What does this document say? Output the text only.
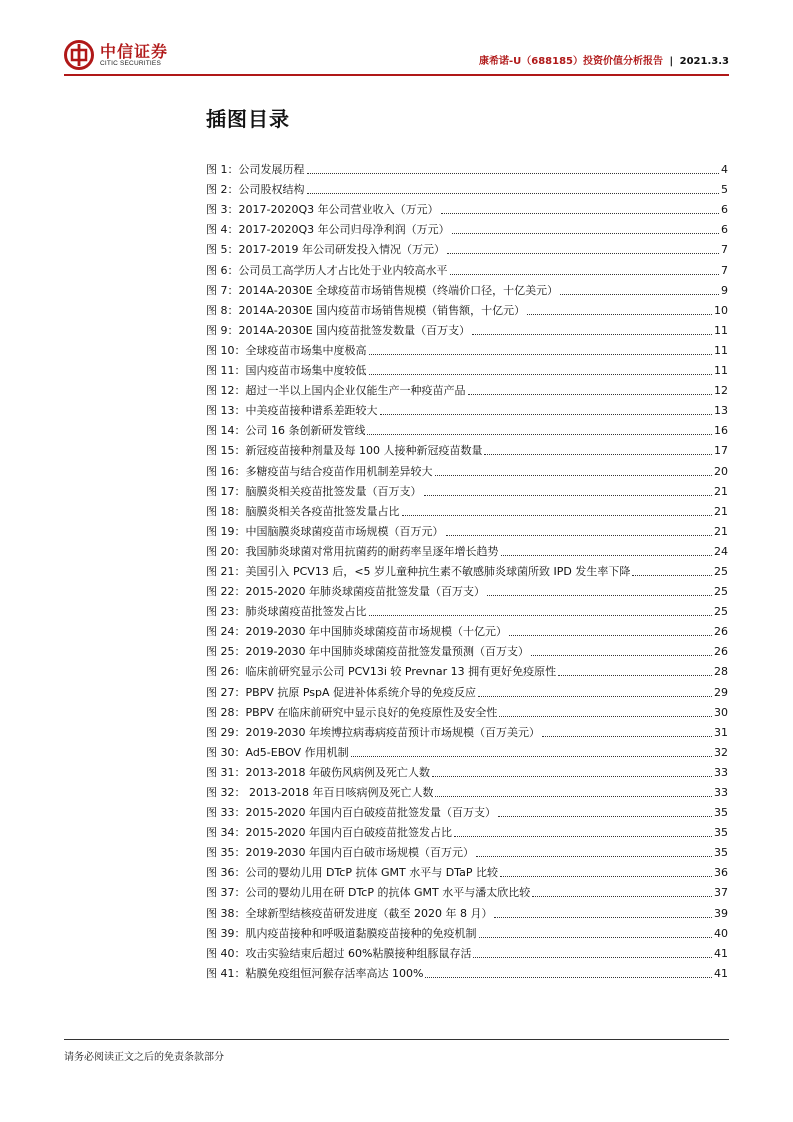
中信证券
CITIC SECURITIES	康希诺-U（688185）投资价值分析报告 | 2021.3.3
插图目录
图 1：公司发展历程	4
图 2：公司股权结构	5
图 3：2017-2020Q3 年公司营业收入（万元）	6
图 4：2017-2020Q3 年公司归母净利润（万元）	6
图 5：2017-2019 年公司研发投入情况（万元）	7
图 6：公司员工高学历人才占比处于业内较高水平	7
图 7：2014A-2030E 全球疫苗市场销售规模（终端价口径，十亿美元）	9
图 8：2014A-2030E 国内疫苗市场销售规模（销售额，十亿元）	10
图 9：2014A-2030E 国内疫苗批签发数量（百万支）	11
图 10：全球疫苗市场集中度极高	11
图 11：国内疫苗市场集中度较低	11
图 12：超过一半以上国内企业仅能生产一种疫苗产品	12
图 13：中美疫苗接种谱系差距较大	13
图 14：公司 16 条创新研发管线	16
图 15：新冠疫苗接种剂量及每 100 人接种新冠疫苗数量	17
图 16：多糖疫苗与结合疫苗作用机制差异较大	20
图 17：脑膜炎相关疫苗批签发量（百万支）	21
图 18：脑膜炎相关各疫苗批签发量占比	21
图 19：中国脑膜炎球菌疫苗市场规模（百万元）	21
图 20：我国肺炎球菌对常用抗菌药的耐药率呈逐年增长趋势	24
图 21：美国引入 PCV13 后，<5 岁儿童种抗生素不敏感肺炎球菌所致 IPD 发生率下降	25
图 22：2015-2020 年肺炎球菌疫苗批签发量（百万支）	25
图 23：肺炎球菌疫苗批签发占比	25
图 24：2019-2030 年中国肺炎球菌疫苗市场规模（十亿元）	26
图 25：2019-2030 年中国肺炎球菌疫苗批签发量预测（百万支）	26
图 26：临床前研究显示公司 PCV13i 较 Prevnar 13 拥有更好免疫原性	28
图 27：PBPV 抗原 PspA 促进补体系统介导的免疫反应	29
图 28：PBPV 在临床前研究中显示良好的免疫原性及安全性	30
图 29：2019-2030 年埃博拉病毒病疫苗预计市场规模（百万美元）	31
图 30：Ad5-EBOV 作用机制	32
图 31：2013-2018 年破伤风病例及死亡人数	33
图 32： 2013-2018 年百日咳病例及死亡人数	33
图 33：2015-2020 年国内百白破疫苗批签发量（百万支）	35
图 34：2015-2020 年国内百白破疫苗批签发占比	35
图 35：2019-2030 年国内百白破市场规模（百万元）	35
图 36：公司的婴幼儿用 DTcP 抗体 GMT 水平与 DTaP 比较	36
图 37：公司的婴幼儿用在研 DTcP 的抗体 GMT 水平与潘太欣比较	37
图 38：全球新型结核疫苗研发进度（截至 2020 年 8 月）	39
图 39：肌内疫苗接种和呼吸道黏膜疫苗接种的免疫机制	40
图 40：攻击实验结束后超过 60%粘膜接种组豚鼠存活	41
图 41：粘膜免疫组恒河猴存活率高达 100%	41
请务必阅读正文之后的免责条款部分
